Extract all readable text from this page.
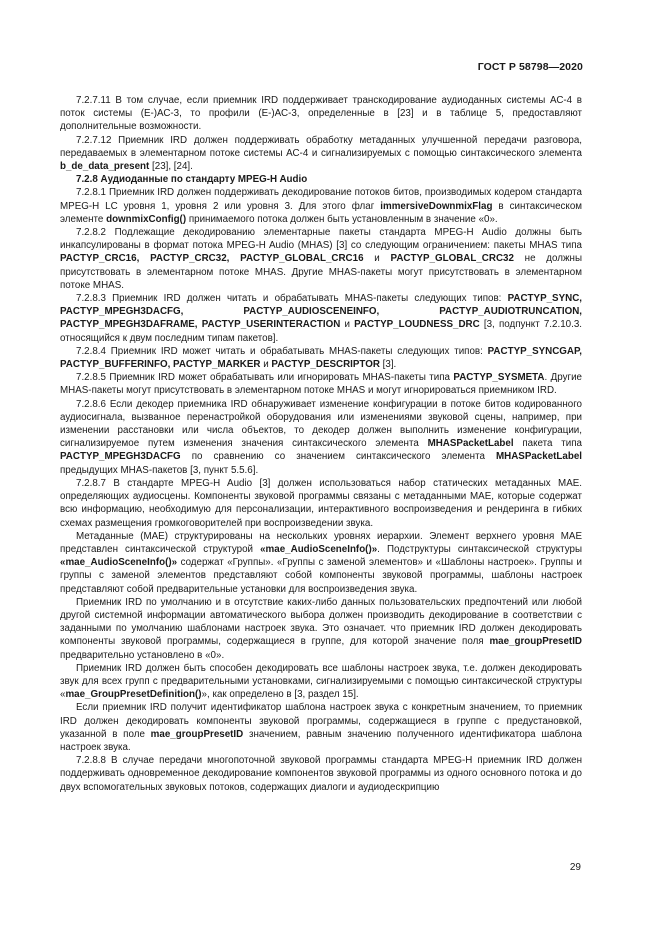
ГОСТ Р 58798—2020

7.2.7.11 В том случае, если приемник IRD поддерживает транскодирование аудиоданных системы АС-4 в поток системы (Е-)АС-3, то профили (Е-)АС-3, определенные в [23] и в таблице 5, предоставляют дополнительные возможности.

7.2.7.12 Приемник IRD должен поддерживать обработку метаданных улучшенной передачи разговора, передаваемых в элементарном потоке системы АС-4 и сигнализируемых с помощью синтаксического элемента b_de_data_present [23], [24].

7.2.8 Аудиоданные по стандарту MPEG-H Audio

7.2.8.1 Приемник IRD должен поддерживать декодирование потоков битов, производимых кодером стандарта MPEG-H LC уровня 1, уровня 2 или уровня 3. Для этого флаг immersiveDownmixFlag в синтаксическом элементе downmixConfig() принимаемого потока должен быть установленным в значение «0».

7.2.8.2 Подлежащие декодированию элементарные пакеты стандарта MPEG-H Audio должны быть инкапсулированы в формат потока MPEG-H Audio (MHAS) [3] со следующим ограничением: пакеты MHAS типа PACTYP_CRC16, PACTYP_CRC32, PACTYP_GLOBAL_CRC16 и PACTYP_GLOBAL_CRC32 не должны присутствовать в элементарном потоке MHAS. Другие MHAS-пакеты могут присутствовать в элементарном потоке MHAS.

7.2.8.3 Приемник IRD должен читать и обрабатывать MHAS-пакеты следующих типов: PACTYP_SYNC, PACTYP_MPEGH3DACFG, PACTYP_AUDIOSCENEINFO, PACTYP_AUDIOTRUNCATION, PACTYP_MPEGH3DAFRAME, PACTYP_USERINTERACTION и PACTYP_LOUDNESS_DRC [3, подпункт 7.2.10.3. относящийся к двум последним типам пакетов].

7.2.8.4 Приемник IRD может читать и обрабатывать MHAS-пакеты следующих типов: PACTYP_SYNCGAP, PACTYP_BUFFERINFO, PACTYP_MARKER и PACTYP_DESCRIPTOR [3].

7.2.8.5 Приемник IRD может обрабатывать или игнорировать MHAS-пакеты типа PACTYP_SYSMETA. Другие MHAS-пакеты могут присутствовать в элементарном потоке MHAS и могут игнорироваться приемником IRD.

7.2.8.6 Если декодер приемника IRD обнаруживает изменение конфигурации в потоке битов кодированного аудиосигнала, вызванное перенастройкой оборудования или изменениями звуковой сцены, например, при изменении расстановки или числа объектов, то декодер должен выполнить изменение конфигурации, сигнализируемое путем изменения значения синтаксического элемента MHASPacketLabel пакета типа PACTYP_MPEGH3DACFG по сравнению со значением синтаксического элемента MHASPacketLabel предыдущих MHAS-пакетов [3, пункт 5.5.6].

7.2.8.7 В стандарте MPEG-H Audio [3] должен использоваться набор статических метаданных MAE. определяющих аудиосцены. Компоненты звуковой программы связаны с метаданными MAE, которые содержат всю информацию, необходимую для персонализации, интерактивного воспроизведения и рендеринга в гибких схемах размещения громкоговорителей при воспроизведении звука.

Метаданные (MAE) структурированы на нескольких уровнях иерархии. Элемент верхнего уровня MAE представлен синтаксической структурой «mae_AudioSceneInfo()». Подструктуры синтаксической структуры «mae_AudioSceneInfo()» содержат «Группы». «Группы с заменой элементов» и «Шаблоны настроек». Группы и группы с заменой элементов представляют собой компоненты звуковой программы, шаблоны настроек представляют собой предварительные установки для воспроизведения звука.

Приемник IRD по умолчанию и в отсутствие каких-либо данных пользовательских предпочтений или любой другой системной информации автоматического выбора должен производить декодирование в соответствии с заданными по умолчанию шаблонами настроек звука. Это означает. что приемник IRD должен декодировать компоненты звуковой программы, содержащиеся в группе, для которой значение поля mae_groupPresetID предварительно установлено в «0».

Приемник IRD должен быть способен декодировать все шаблоны настроек звука, т.е. должен декодировать звук для всех групп с предварительными установками, сигнализируемыми с помощью синтаксической структуры «mae_GroupPresetDefinition()», как определено в [3, раздел 15].

Если приемник IRD получит идентификатор шаблона настроек звука с конкретным значением, то приемник IRD должен декодировать компоненты звуковой программы, содержащиеся в группе с предустановкой, указанной в поле mae_groupPresetID значением, равным значению полученного идентификатора шаблона настроек звука.

7.2.8.8 В случае передачи многопоточной звуковой программы стандарта MPEG-H приемник IRD должен поддерживать одновременное декодирование компонентов звуковой программы из одного основного потока и до двух вспомогательных звуковых потоков, содержащих диалоги и аудиодескрипцию

29
